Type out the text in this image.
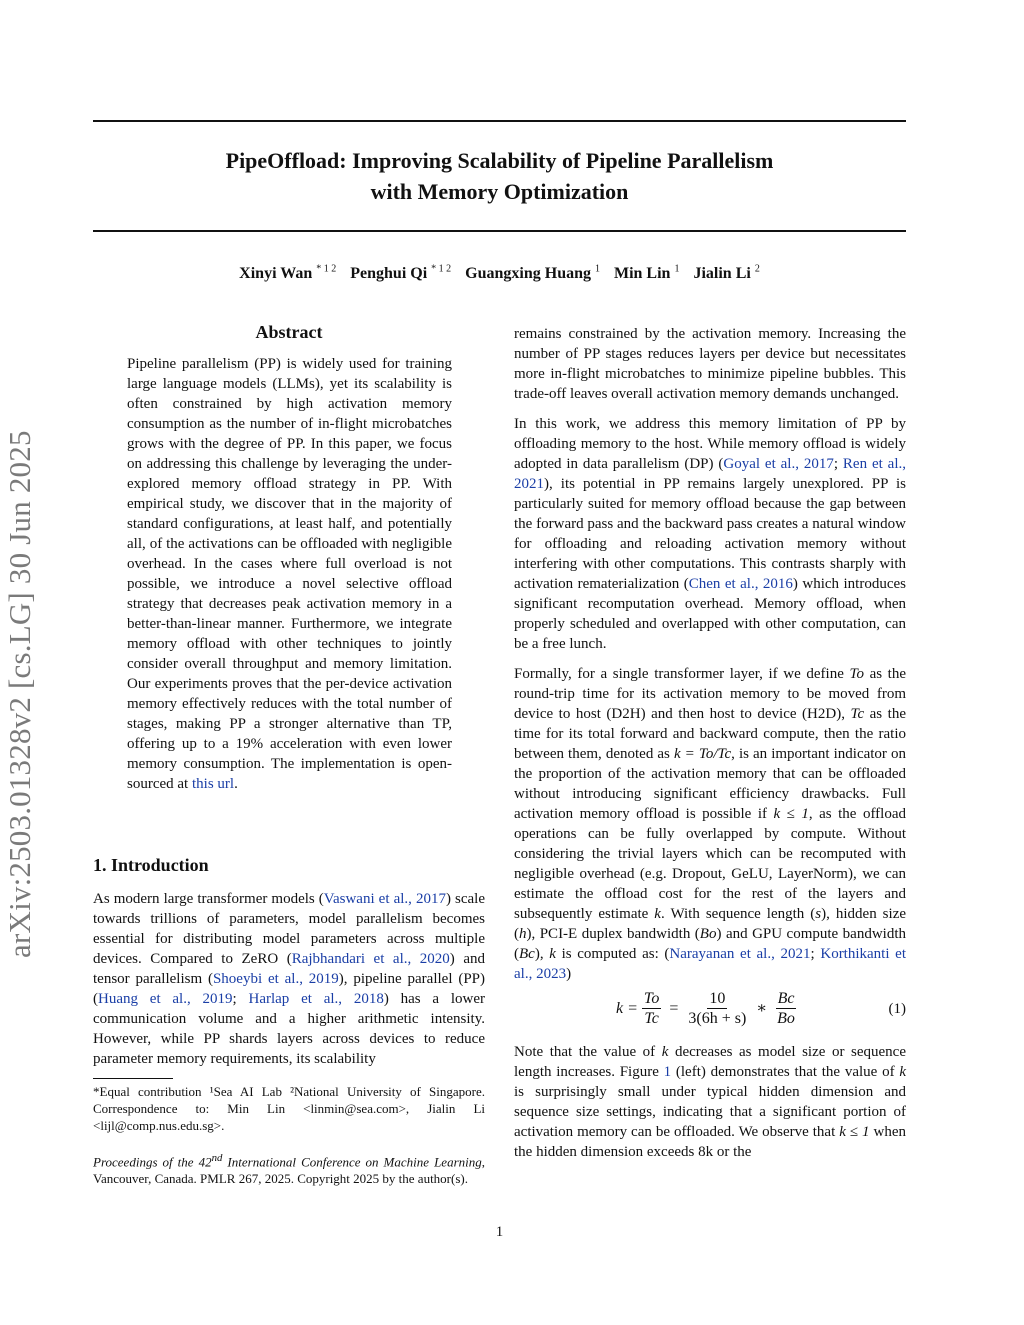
PipeOffload: Improving Scalability of Pipeline Parallelism
with Memory Optimization
Xinyi Wan $^{* 1 2}$ Penghui Qi $^{* 1 2}$ Guangxing Huang $^1$ Min Lin $^1$ Jialin Li $^2$
arXiv:2503.01328v2 [cs.LG] 30 Jun 2025
Abstract
Pipeline parallelism (PP) is widely used for training large language models (LLMs), yet its scalability is often constrained by high activation memory consumption as the number of in-flight microbatches grows with the degree of PP. In this paper, we focus on addressing this challenge by leveraging the under-explored memory offload strategy in PP. With empirical study, we discover that in the majority of standard configurations, at least half, and potentially all, of the activations can be offloaded with negligible overhead. In the cases where full overload is not possible, we introduce a novel selective offload strategy that decreases peak activation memory in a better-than-linear manner. Furthermore, we integrate memory offload with other techniques to jointly consider overall throughput and memory limitation. Our experiments proves that the per-device activation memory effectively reduces with the total number of stages, making PP a stronger alternative than TP, offering up to a 19% acceleration with even lower memory consumption. The implementation is open-sourced at this url.
1. Introduction
As modern large transformer models (Vaswani et al., 2017) scale towards trillions of parameters, model parallelism becomes essential for distributing model parameters across multiple devices. Compared to ZeRO (Rajbhandari et al., 2020) and tensor parallelism (Shoeybi et al., 2019), pipeline parallel (PP) (Huang et al., 2019; Harlap et al., 2018) has a lower communication volume and a higher arithmetic intensity. However, while PP shards layers across devices to reduce parameter memory requirements, its scalability
*Equal contribution ¹Sea AI Lab ²National University of Singapore. Correspondence to: Min Lin <linmin@sea.com>, Jialin Li <lijl@comp.nus.edu.sg>.
Proceedings of the 42nd International Conference on Machine Learning, Vancouver, Canada. PMLR 267, 2025. Copyright 2025 by the author(s).

remains constrained by the activation memory. Increasing the number of PP stages reduces layers per device but necessitates more in-flight microbatches to minimize pipeline bubbles. This trade-off leaves overall activation memory demands unchanged.

In this work, we address this memory limitation of PP by offloading memory to the host. While memory offload is widely adopted in data parallelism (DP) (Goyal et al., 2017; Ren et al., 2021), its potential in PP remains largely unexplored. PP is particularly suited for memory offload because the gap between the forward pass and the backward pass creates a natural window for offloading and reloading activation memory without interfering with other computations. This contrasts sharply with activation rematerialization (Chen et al., 2016) which introduces significant recomputation overhead. Memory offload, when properly scheduled and overlapped with other computation, can be a free lunch.

Formally, for a single transformer layer, if we define To as the round-trip time for its activation memory to be moved from device to host (D2H) and then host to device (H2D), Tc as the time for its total forward and backward compute, then the ratio between them, denoted as k = To/Tc, is an important indicator on the proportion of the activation memory that can be offloaded without introducing significant efficiency drawbacks. Full activation memory offload is possible if k ≤ 1, as the offload operations can be fully overlapped by compute. Without considering the trivial layers which can be recomputed with negligible overhead (e.g. Dropout, GeLU, LayerNorm), we can estimate the offload cost for the rest of the layers and subsequently estimate k. With sequence length (s), hidden size (h), PCI-E duplex bandwidth (Bo) and GPU compute bandwidth (Bc), k is computed as: (Narayanan et al., 2021; Korthikanti et al., 2023)

$k = \frac{To}{Tc} = \frac{10}{3(6h + s)}$ ∗ $\frac{Bc}{Bo}$	(1)

Note that the value of k decreases as model size or sequence length increases. Figure 1 (left) demonstrates that the value of k is surprisingly small under typical hidden dimension and sequence size settings, indicating that a significant portion of activation memory can be offloaded. We observe that k ≤ 1 when the hidden dimension exceeds 8k or the

1
